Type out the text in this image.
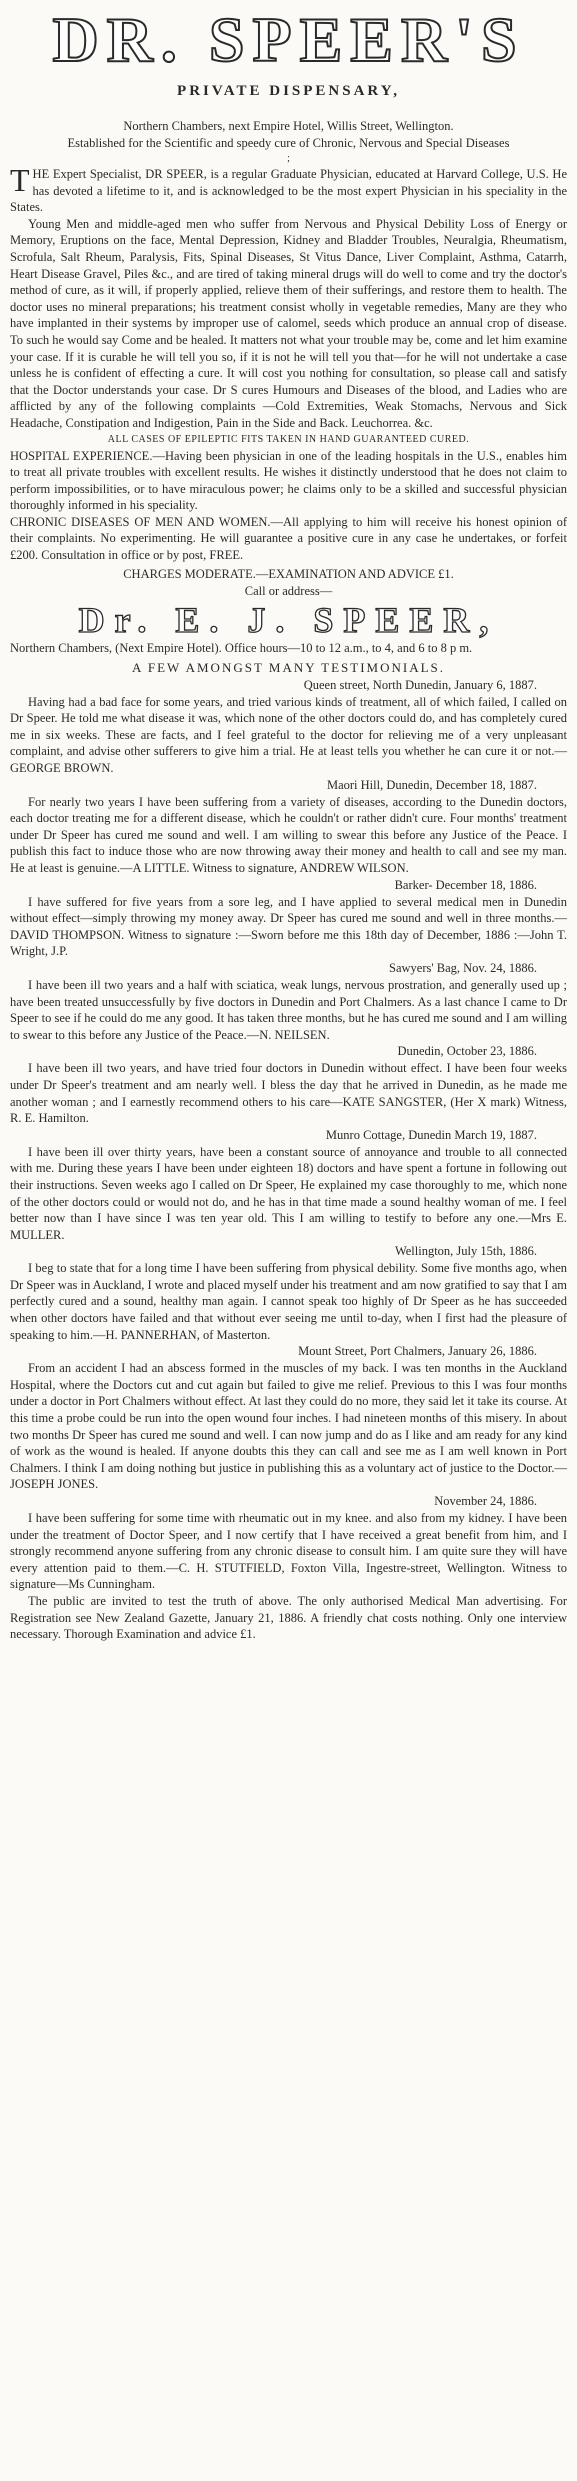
DR. SPEER'S
PRIVATE DISPENSARY,
Northern Chambers, next Empire Hotel, Willis Street, Wellington.
Established for the Scientific and speedy cure of Chronic, Nervous and Special Diseases
;

THE Expert Specialist, DR SPEER, is a regular Graduate Physician, educated at Harvard College, U.S. He has devoted a lifetime to it, and is acknowledged to be the most expert Physician in his speciality in the States.

Young Men and middle-aged men who suffer from Nervous and Physical Debility Loss of Energy or Memory, Eruptions on the face, Mental Depression, Kidney and Bladder Troubles, Neuralgia, Rheumatism, Scrofula, Salt Rheum, Paralysis, Fits, Spinal Diseases, St Vitus Dance, Liver Complaint, Asthma, Catarrh, Heart Disease Gravel, Piles &c., and are tired of taking mineral drugs will do well to come and try the doctor's method of cure, as it will, if properly applied, relieve them of their sufferings, and restore them to health. The doctor uses no mineral preparations; his treatment consist wholly in vegetable remedies, Many are they who have implanted in their systems by improper use of calomel, seeds which produce an annual crop of disease. To such he would say Come and be healed. It matters not what your trouble may be, come and let him examine your case. If it is curable he will tell you so, if it is not he will tell you that—for he will not undertake a case unless he is confident of effecting a cure. It will cost you nothing for consultation, so please call and satisfy that the Doctor understands your case. Dr S cures Humours and Diseases of the blood, and Ladies who are afflicted by any of the following complaints —Cold Extremities, Weak Stomachs, Nervous and Sick Headache, Constipation and Indigestion, Pain in the Side and Back. Leuchorrea. &c.

ALL CASES OF EPILEPTIC FITS TAKEN IN HAND GUARANTEED CURED.

HOSPITAL EXPERIENCE.—Having been physician in one of the leading hospitals in the U.S., enables him to treat all private troubles with excellent results. He wishes it distinctly understood that he does not claim to perform impossibilities, or to have miraculous power; he claims only to be a skilled and successful physician thoroughly informed in his speciality.

CHRONIC DISEASES OF MEN AND WOMEN.—All applying to him will receive his honest opinion of their complaints. No experimenting. He will guarantee a positive cure in any case he undertakes, or forfeit £200. Consultation in office or by post, FREE.

CHARGES MODERATE.—EXAMINATION AND ADVICE £1.
Call or address—
Dr. E. J. SPEER,
Northern Chambers, (Next Empire Hotel). Office hours—10 to 12 a.m., to 4, and 6 to 8 p m.
A FEW AMONGST MANY TESTIMONIALS.
Queen street, North Dunedin, January 6, 1887.

Having had a bad face for some years, and tried various kinds of treatment, all of which failed, I called on Dr Speer. He told me what disease it was, which none of the other doctors could do, and has completely cured me in six weeks. These are facts, and I feel grateful to the doctor for relieving me of a very unpleasant complaint, and advise other sufferers to give him a trial. He at least tells you whether he can cure it or not.—GEORGE BROWN.

Maori Hill, Dunedin, December 18, 1887.

For nearly two years I have been suffering from a variety of diseases, according to the Dunedin doctors, each doctor treating me for a different disease, which he couldn't or rather didn't cure. Four months' treatment under Dr Speer has cured me sound and well. I am willing to swear this before any Justice of the Peace. I publish this fact to induce those who are now throwing away their money and health to call and see my man. He at least is genuine.—A LITTLE. Witness to signature, ANDREW WILSON.

Barker- December 18, 1886.

I have suffered for five years from a sore leg, and I have applied to several medical men in Dunedin without effect—simply throwing my money away. Dr Speer has cured me sound and well in three months.—DAVID THOMPSON. Witness to signature :—Sworn before me this 18th day of December, 1886 :—John T. Wright, J.P.

Sawyers' Bag, Nov. 24, 1886.

I have been ill two years and a half with sciatica, weak lungs, nervous prostration, and generally used up ; have been treated unsuccessfully by five doctors in Dunedin and Port Chalmers. As a last chance I came to Dr Speer to see if he could do me any good. It has taken three months, but he has cured me sound and I am willing to swear to this before any Justice of the Peace.—N. NEILSEN.

Dunedin, October 23, 1886.

I have been ill two years, and have tried four doctors in Dunedin without effect. I have been four weeks under Dr Speer's treatment and am nearly well. I bless the day that he arrived in Dunedin, as he made me another woman ; and I earnestly recommend others to his care—KATE SANGSTER, (Her X mark) Witness, R. E. Hamilton.

Munro Cottage, Dunedin March 19, 1887.

I have been ill over thirty years, have been a constant source of annoyance and trouble to all connected with me. During these years I have been under eighteen 18) doctors and have spent a fortune in following out their instructions. Seven weeks ago I called on Dr Speer, He explained my case thoroughly to me, which none of the other doctors could or would not do, and he has in that time made a sound healthy woman of me. I feel better now than I have since I was ten year old. This I am willing to testify to before any one.—Mrs E. MULLER.

Wellington, July 15th, 1886.

I beg to state that for a long time I have been suffering from physical debility. Some five months ago, when Dr Speer was in Auckland, I wrote and placed myself under his treatment and am now gratified to say that I am perfectly cured and a sound, healthy man again. I cannot speak too highly of Dr Speer as he has succeeded when other doctors have failed and that without ever seeing me until to-day, when I first had the pleasure of speaking to him.—H. PANNERHAN, of Masterton.

Mount Street, Port Chalmers, January 26, 1886.

From an accident I had an abscess formed in the muscles of my back. I was ten months in the Auckland Hospital, where the Doctors cut and cut again but failed to give me relief. Previous to this I was four months under a doctor in Port Chalmers without effect. At last they could do no more, they said let it take its course. At this time a probe could be run into the open wound four inches. I had nineteen months of this misery. In about two months Dr Speer has cured me sound and well. I can now jump and do as I like and am ready for any kind of work as the wound is healed. If anyone doubts this they can call and see me as I am well known in Port Chalmers. I think I am doing nothing but justice in publishing this as a voluntary act of justice to the Doctor.—JOSEPH JONES.

November 24, 1886.

I have been suffering for some time with rheumatic out in my knee. and also from my kidney. I have been under the treatment of Doctor Speer, and I now certify that I have received a great benefit from him, and I strongly recommend anyone suffering from any chronic disease to consult him. I am quite sure they will have every attention paid to them.—C. H. STUTFIELD, Foxton Villa, Ingestre-street, Wellington. Witness to signature—Ms Cunningham.

The public are invited to test the truth of above. The only authorised Medical Man advertising. For Registration see New Zealand Gazette, January 21, 1886. A friendly chat costs nothing. Only one interview necessary. Thorough Examination and advice £1.
